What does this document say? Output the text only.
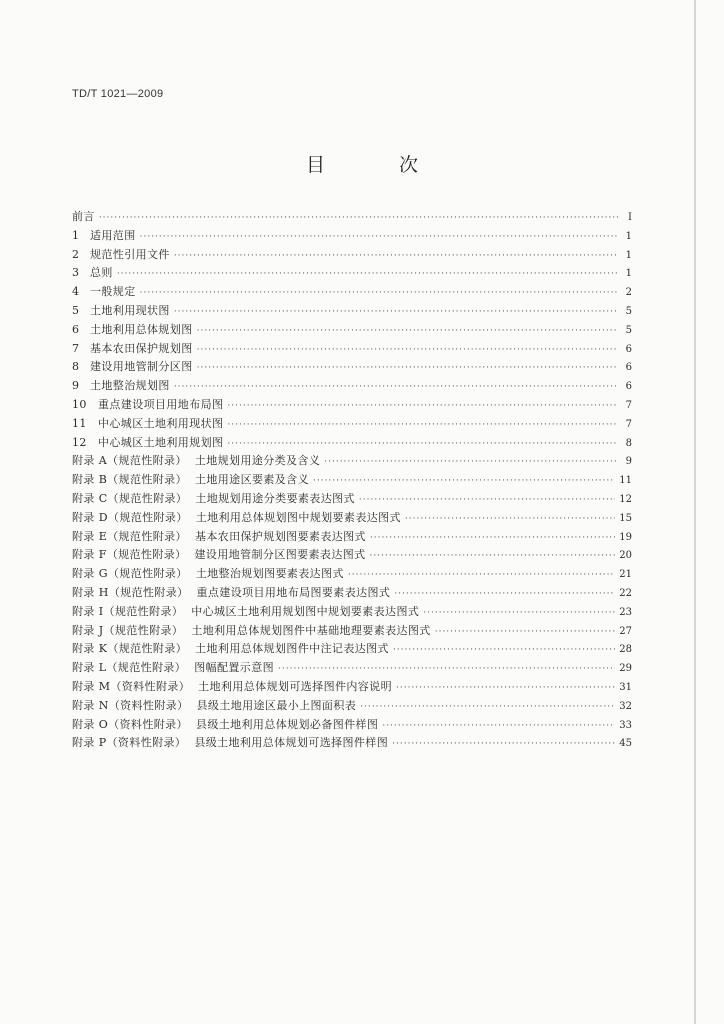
TD/T 1021—2009
目 次
前言 ·····	I
1 适用范围 ·····	1
2 规范性引用文件 ·····	1
3 总则 ·····	1
4 一般规定 ·····	2
5 土地利用现状图 ·····	5
6 土地利用总体规划图 ·····	5
7 基本农田保护规划图 ·····	6
8 建设用地管制分区图 ·····	6
9 土地整治规划图 ·····	6
10 重点建设项目用地布局图 ·····	7
11 中心城区土地利用现状图 ·····	7
12 中心城区土地利用规划图 ·····	8
附录 A（规范性附录） 土地规划用途分类及含义 ·····	9
附录 B（规范性附录） 土地用途区要素及含义 ·····	11
附录 C（规范性附录） 土地规划用途分类要素表达图式 ·····	12
附录 D（规范性附录） 土地利用总体规划图中规划要素表达图式 ·····	15
附录 E（规范性附录） 基本农田保护规划图要素表达图式 ·····	19
附录 F（规范性附录） 建设用地管制分区图要素表达图式 ·····	20
附录 G（规范性附录） 土地整治规划图要素表达图式 ·····	21
附录 H（规范性附录） 重点建设项目用地布局图要素表达图式 ·····	22
附录 I（规范性附录） 中心城区土地利用规划图中规划要素表达图式 ·····	23
附录 J（规范性附录） 土地利用总体规划图件中基础地理要素表达图式 ·····	27
附录 K（规范性附录） 土地利用总体规划图件中注记表达图式 ·····	28
附录 L（规范性附录） 图幅配置示意图 ·····	29
附录 M（资料性附录） 土地利用总体规划可选择图件内容说明 ·····	31
附录 N（资料性附录） 县级土地用途区最小上图面积表 ·····	32
附录 O（资料性附录） 县级土地利用总体规划必备图件样图 ·····	33
附录 P（资料性附录） 县级土地利用总体规划可选择图件样图 ·····	45
